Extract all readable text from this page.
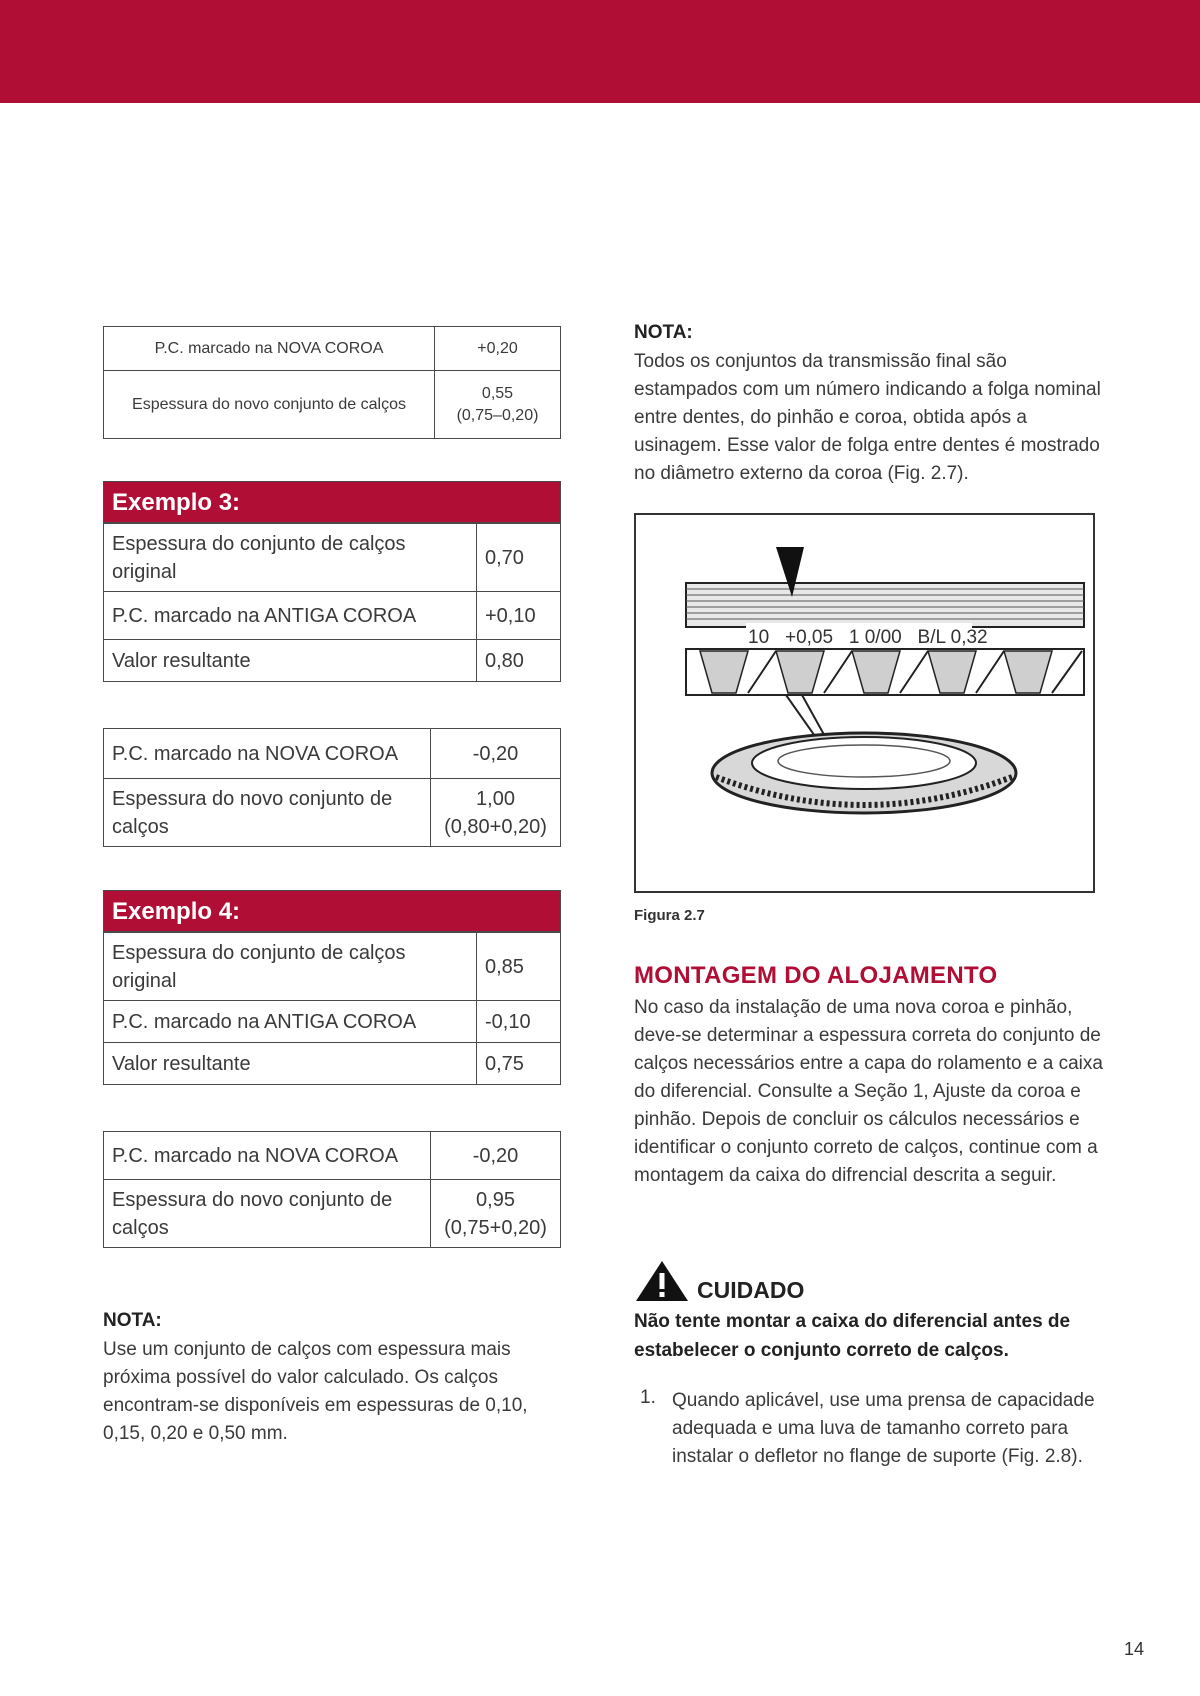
P.C. marcado na NOVA COROA	+0,20
Espessura do novo conjunto de calços	0,55
(0,75–0,20)
Exemplo 3:
Espessura do conjunto de calços original	0,70
P.C. marcado na ANTIGA COROA	+0,10
Valor resultante	0,80
P.C. marcado na NOVA COROA	-0,20
Espessura do novo conjunto de calços	1,00
(0,80+0,20)
Exemplo 4:
Espessura do conjunto de calços original	0,85
P.C. marcado na ANTIGA COROA	-0,10
Valor resultante	0,75
P.C. marcado na NOVA COROA	-0,20
Espessura do novo conjunto de calços	0,95
(0,75+0,20)
NOTA:

Use um conjunto de calços com espessura mais próxima possível do valor calculado. Os calços encontram-se disponíveis em espessuras de 0,10, 0,15, 0,20 e 0,50 mm.

NOTA:

Todos os conjuntos da transmissão final são estampados com um número indicando a folga nominal entre dentes, do pinhão e coroa, obtida após a usinagem. Esse valor de folga entre dentes é mostrado no diâmetro externo da coroa (Fig. 2.7).

10   +0,05   1 0/00   B/L 0,32
Figura 2.7
MONTAGEM DO ALOJAMENTO

No caso da instalação de uma nova coroa e pinhão, deve-se determinar a espessura correta do conjunto de calços necessários entre a capa do rolamento e a caixa do diferencial. Consulte a Seção 1, Ajuste da coroa e pinhão. Depois de concluir os cálculos necessários e identificar o conjunto correto de calços, continue com a montagem da caixa do difrencial descrita a seguir.

CUIDADO

Não tente montar a caixa do diferencial antes de estabelecer o conjunto correto de calços.

1. Quando aplicável, use uma prensa de capacidade adequada e uma luva de tamanho correto para instalar o defletor no flange de suporte (Fig. 2.8).

14
